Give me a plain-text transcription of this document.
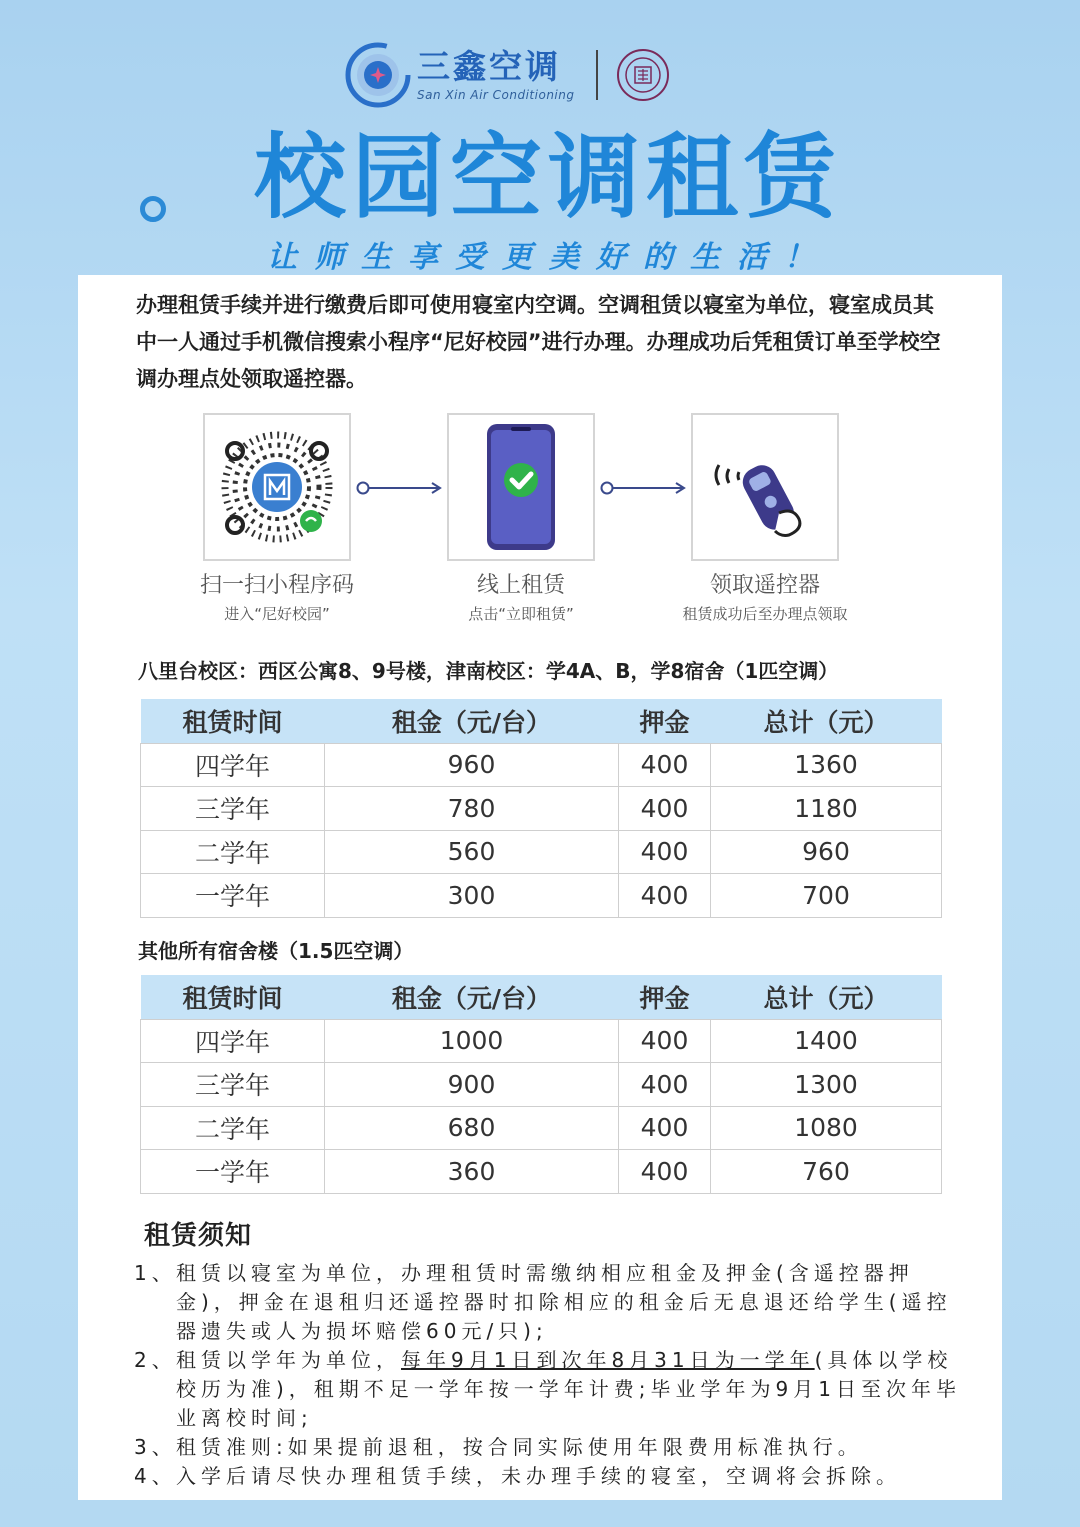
三鑫空调
San Xin Air Conditioning
校园空调租赁
让师生享受更美好的生活！
办理租赁手续并进行缴费后即可使用寝室内空调。空调租赁以寝室为单位，寝室成员其中一人通过手机微信搜索小程序“尼好校园”进行办理。办理成功后凭租赁订单至学校空调办理点处领取遥控器。
扫一扫小程序码
进入“尼好校园”
线上租赁
点击“立即租赁”
领取遥控器
租赁成功后至办理点领取
八里台校区：西区公寓8、9号楼，津南校区：学4A、B，学8宿舍（1匹空调）
租赁时间	租金（元/台）	押金	总计（元）
四学年	960	400	1360
三学年	780	400	1180
二学年	560	400	960
一学年	300	400	700
其他所有宿舍楼（1.5匹空调）
租赁时间	租金（元/台）	押金	总计（元）
四学年	1000	400	1400
三学年	900	400	1300
二学年	680	400	1080
一学年	360	400	760
租赁须知
1、 租赁以寝室为单位，办理租赁时需缴纳相应租金及押金(含遥控器押金)，押金在退租归还遥控器时扣除相应的租金后无息退还给学生(遥控器遗失或人为损坏赔偿60元/只);
2、 租赁以学年为单位，每年9月1日到次年8月31日为一学年(具体以学校校历为准)，租期不足一学年按一学年计费;毕业学年为9月1日至次年毕业离校时间;
3、 租赁准则:如果提前退租，按合同实际使用年限费用标准执行。
4、 入学后请尽快办理租赁手续，未办理手续的寝室，空调将会拆除。
